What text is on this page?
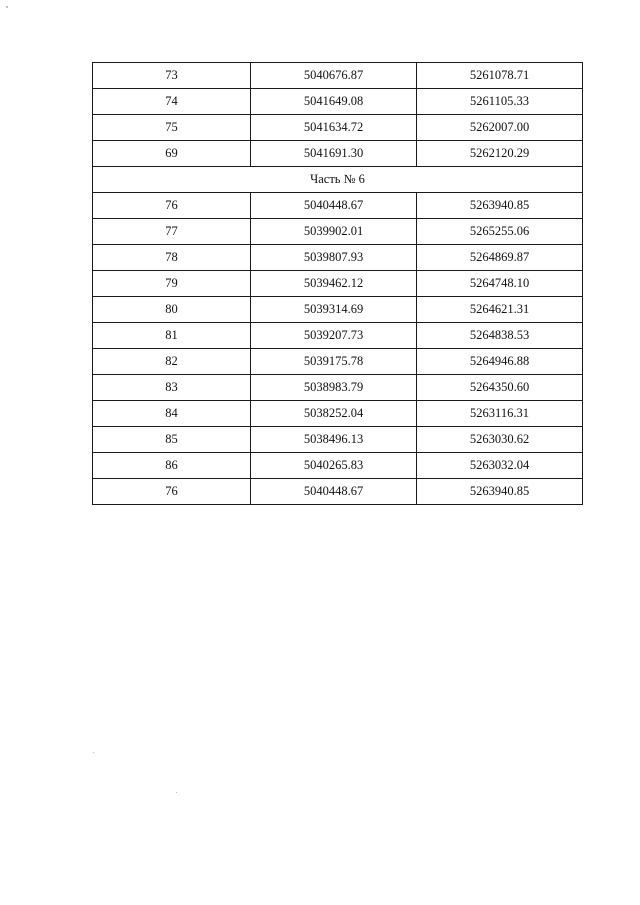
73	5040676.87	5261078.71
74	5041649.08	5261105.33
75	5041634.72	5262007.00
69	5041691.30	5262120.29
Часть № 6		
76	5040448.67	5263940.85
77	5039902.01	5265255.06
78	5039807.93	5264869.87
79	5039462.12	5264748.10
80	5039314.69	5264621.31
81	5039207.73	5264838.53
82	5039175.78	5264946.88
83	5038983.79	5264350.60
84	5038252.04	5263116.31
85	5038496.13	5263030.62
86	5040265.83	5263032.04
76	5040448.67	5263940.85
